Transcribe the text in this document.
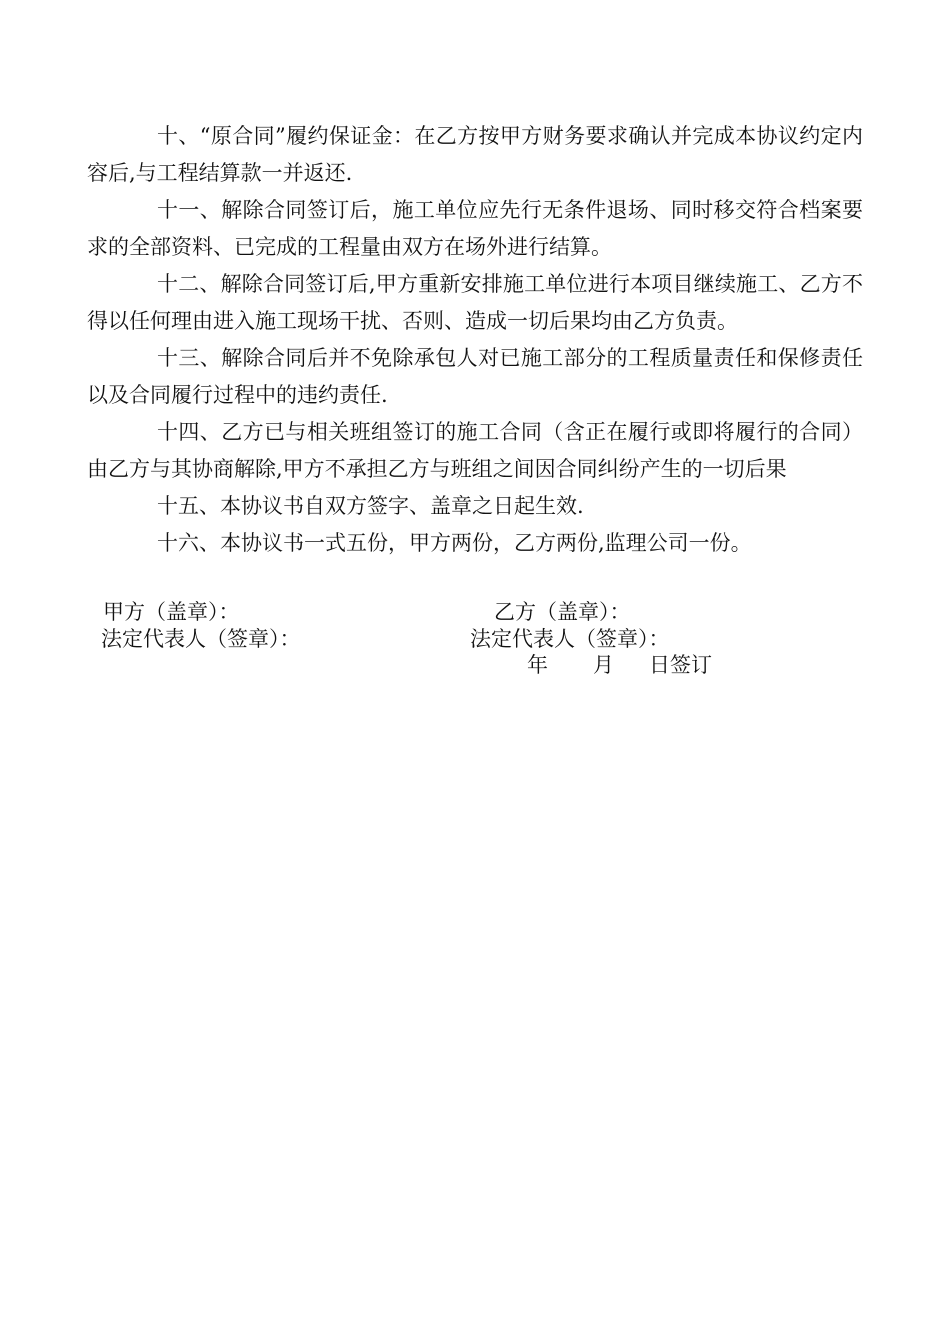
十、“原合同”履约保证金：在乙方按甲方财务要求确认并完成本协议约定内容后,与工程结算款一并返还.

十一、解除合同签订后，施工单位应先行无条件退场、同时移交符合档案要求的全部资料、已完成的工程量由双方在场外进行结算。

十二、解除合同签订后,甲方重新安排施工单位进行本项目继续施工、乙方不得以任何理由进入施工现场干扰、否则、造成一切后果均由乙方负责。

十三、解除合同后并不免除承包人对已施工部分的工程质量责任和保修责任以及合同履行过程中的违约责任.

十四、乙方已与相关班组签订的施工合同（含正在履行或即将履行的合同）由乙方与其协商解除,甲方不承担乙方与班组之间因合同纠纷产生的一切后果

十五、本协议书自双方签字、盖章之日起生效.

十六、本协议书一式五份，甲方两份，乙方两份,监理公司一份。

甲方（盖章）：	乙方（盖章）：

法定代表人（签章）：	法定代表人（签章）：

年 月 日签订
